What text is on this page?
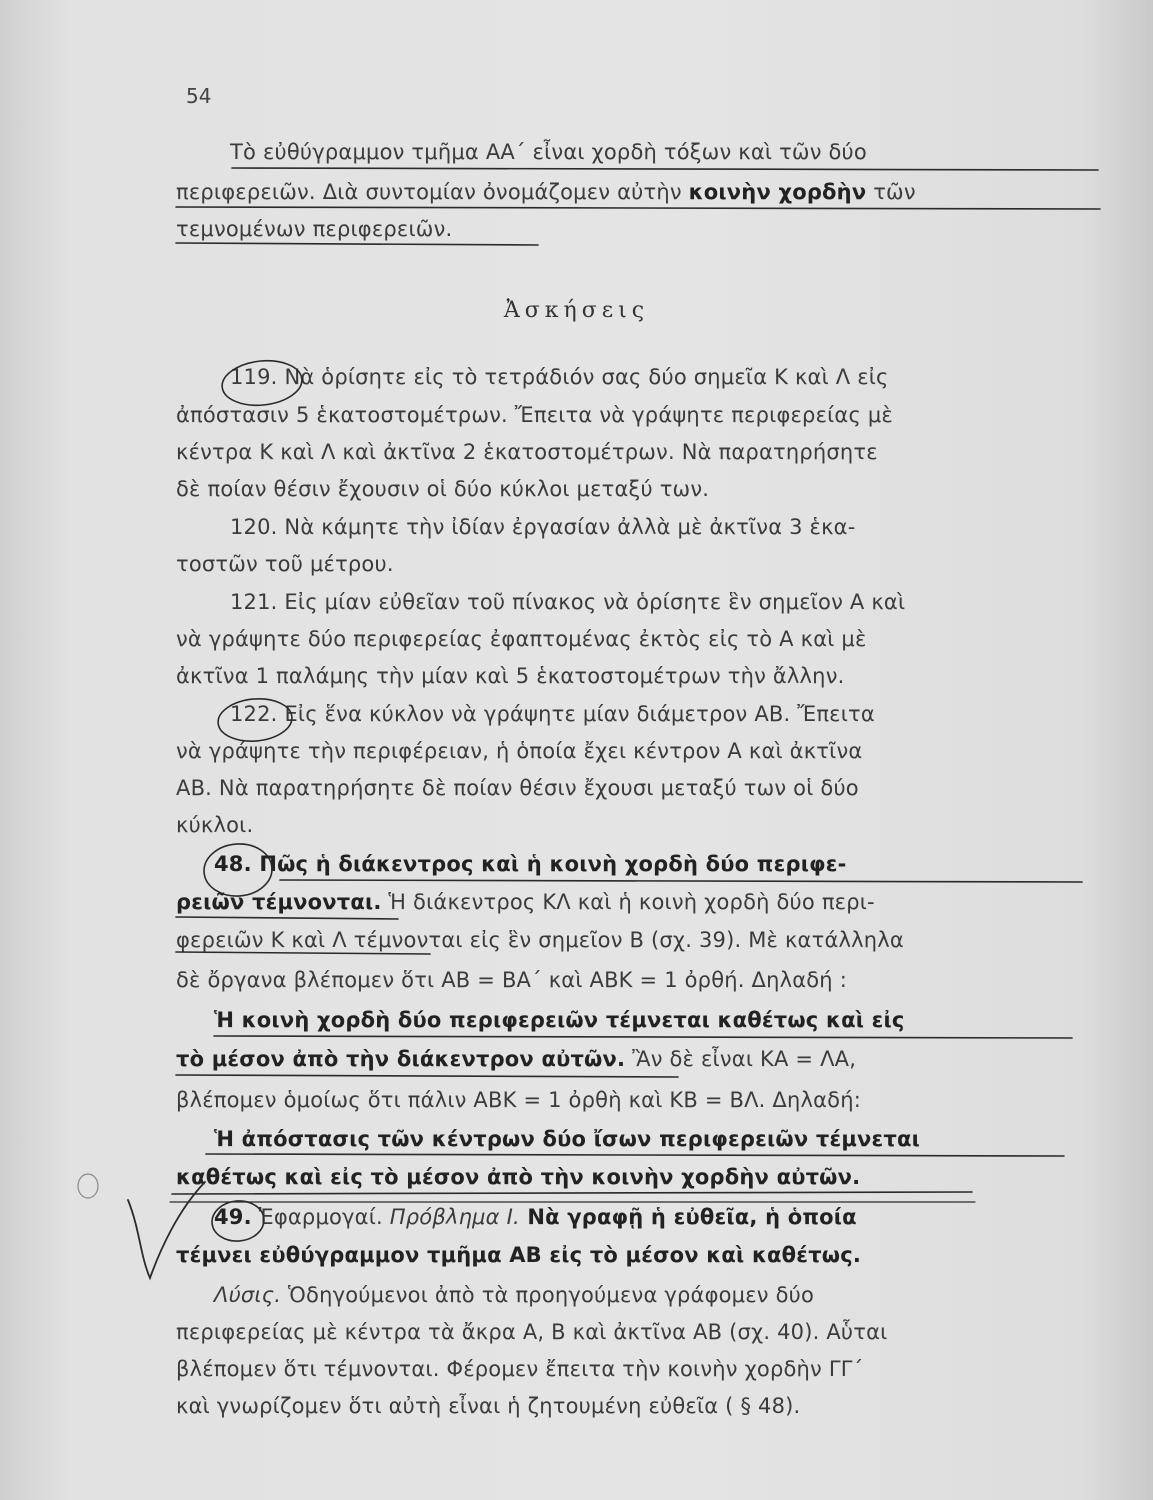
54
Τὸ εὐθύγραμμον τμῆμα ΑΑ΄ εἶναι χορδὴ τόξων καὶ τῶν δύο
περιφερειῶν. Διὰ συντομίαν ὀνομάζομεν αὐτὴν κοινὴν χορδὴν τῶν
τεμνομένων περιφερειῶν.
Ἀσκήσεις
119. Νὰ ὁρίσητε εἰς τὸ τετράδιόν σας δύο σημεῖα Κ καὶ Λ εἰς
ἀπόστασιν 5 ἑκατοστομέτρων. Ἔπειτα νὰ γράψητε περιφερείας μὲ
κέντρα Κ καὶ Λ καὶ ἀκτῖνα 2 ἑκατοστομέτρων. Νὰ παρατηρήσητε
δὲ ποίαν θέσιν ἔχουσιν οἱ δύο κύκλοι μεταξύ των.
120. Νὰ κάμητε τὴν ἰδίαν ἐργασίαν ἀλλὰ μὲ ἀκτῖνα 3 ἑκα-
τοστῶν τοῦ μέτρου.
121. Εἰς μίαν εὐθεῖαν τοῦ πίνακος νὰ ὁρίσητε ἓν σημεῖον Α καὶ
νὰ γράψητε δύο περιφερείας ἐφαπτομένας ἐκτὸς εἰς τὸ Α καὶ μὲ
ἀκτῖνα 1 παλάμης τὴν μίαν καὶ 5 ἑκατοστομέτρων τὴν ἄλλην.
122. Εἰς ἕνα κύκλον νὰ γράψητε μίαν διάμετρον ΑΒ. Ἔπειτα
νὰ γράψητε τὴν περιφέρειαν, ἡ ὁποία ἔχει κέντρον Α καὶ ἀκτῖνα
ΑΒ. Νὰ παρατηρήσητε δὲ ποίαν θέσιν ἔχουσι μεταξύ των οἱ δύο
κύκλοι.
48. Πῶς ἡ διάκεντρος καὶ ἡ κοινὴ χορδὴ δύο περιφε-
ρειῶν τέμνονται. Ἡ διάκεντρος ΚΛ καὶ ἡ κοινὴ χορδὴ δύο περι-
φερειῶν Κ καὶ Λ τέμνονται εἰς ἓν σημεῖον Β (σχ. 39). Μὲ κατάλληλα
δὲ ὄργανα βλέπομεν ὅτι ΑΒ = ΒΑ΄ καὶ ΑΒΚ = 1 ὀρθή. Δηλαδή :
Ἡ κοινὴ χορδὴ δύο περιφερειῶν τέμνεται καθέτως καὶ εἰς
τὸ μέσον ἀπὸ τὴν διάκεντρον αὐτῶν. Ἂν δὲ εἶναι ΚΑ = ΛΑ,
βλέπομεν ὁμοίως ὅτι πάλιν ΑΒΚ = 1 ὀρθὴ καὶ ΚΒ = ΒΛ. Δηλαδή:
Ἡ ἀπόστασις τῶν κέντρων δύο ἴσων περιφερειῶν τέμνεται
καθέτως καὶ εἰς τὸ μέσον ἀπὸ τὴν κοινὴν χορδὴν αὐτῶν.
49. Ἐφαρμογαί. Πρόβλημα Ι. Νὰ γραφῇ ἡ εὐθεῖα, ἡ ὁποία
τέμνει εὐθύγραμμον τμῆμα ΑΒ εἰς τὸ μέσον καὶ καθέτως.
Λύσις. Ὁδηγούμενοι ἀπὸ τὰ προηγούμενα γράφομεν δύο
περιφερείας μὲ κέντρα τὰ ἄκρα Α, Β καὶ ἀκτῖνα ΑΒ (σχ. 40). Αὗται
βλέπομεν ὅτι τέμνονται. Φέρομεν ἔπειτα τὴν κοινὴν χορδὴν ΓΓ΄
καὶ γνωρίζομεν ὅτι αὐτὴ εἶναι ἡ ζητουμένη εὐθεῖα ( § 48).
